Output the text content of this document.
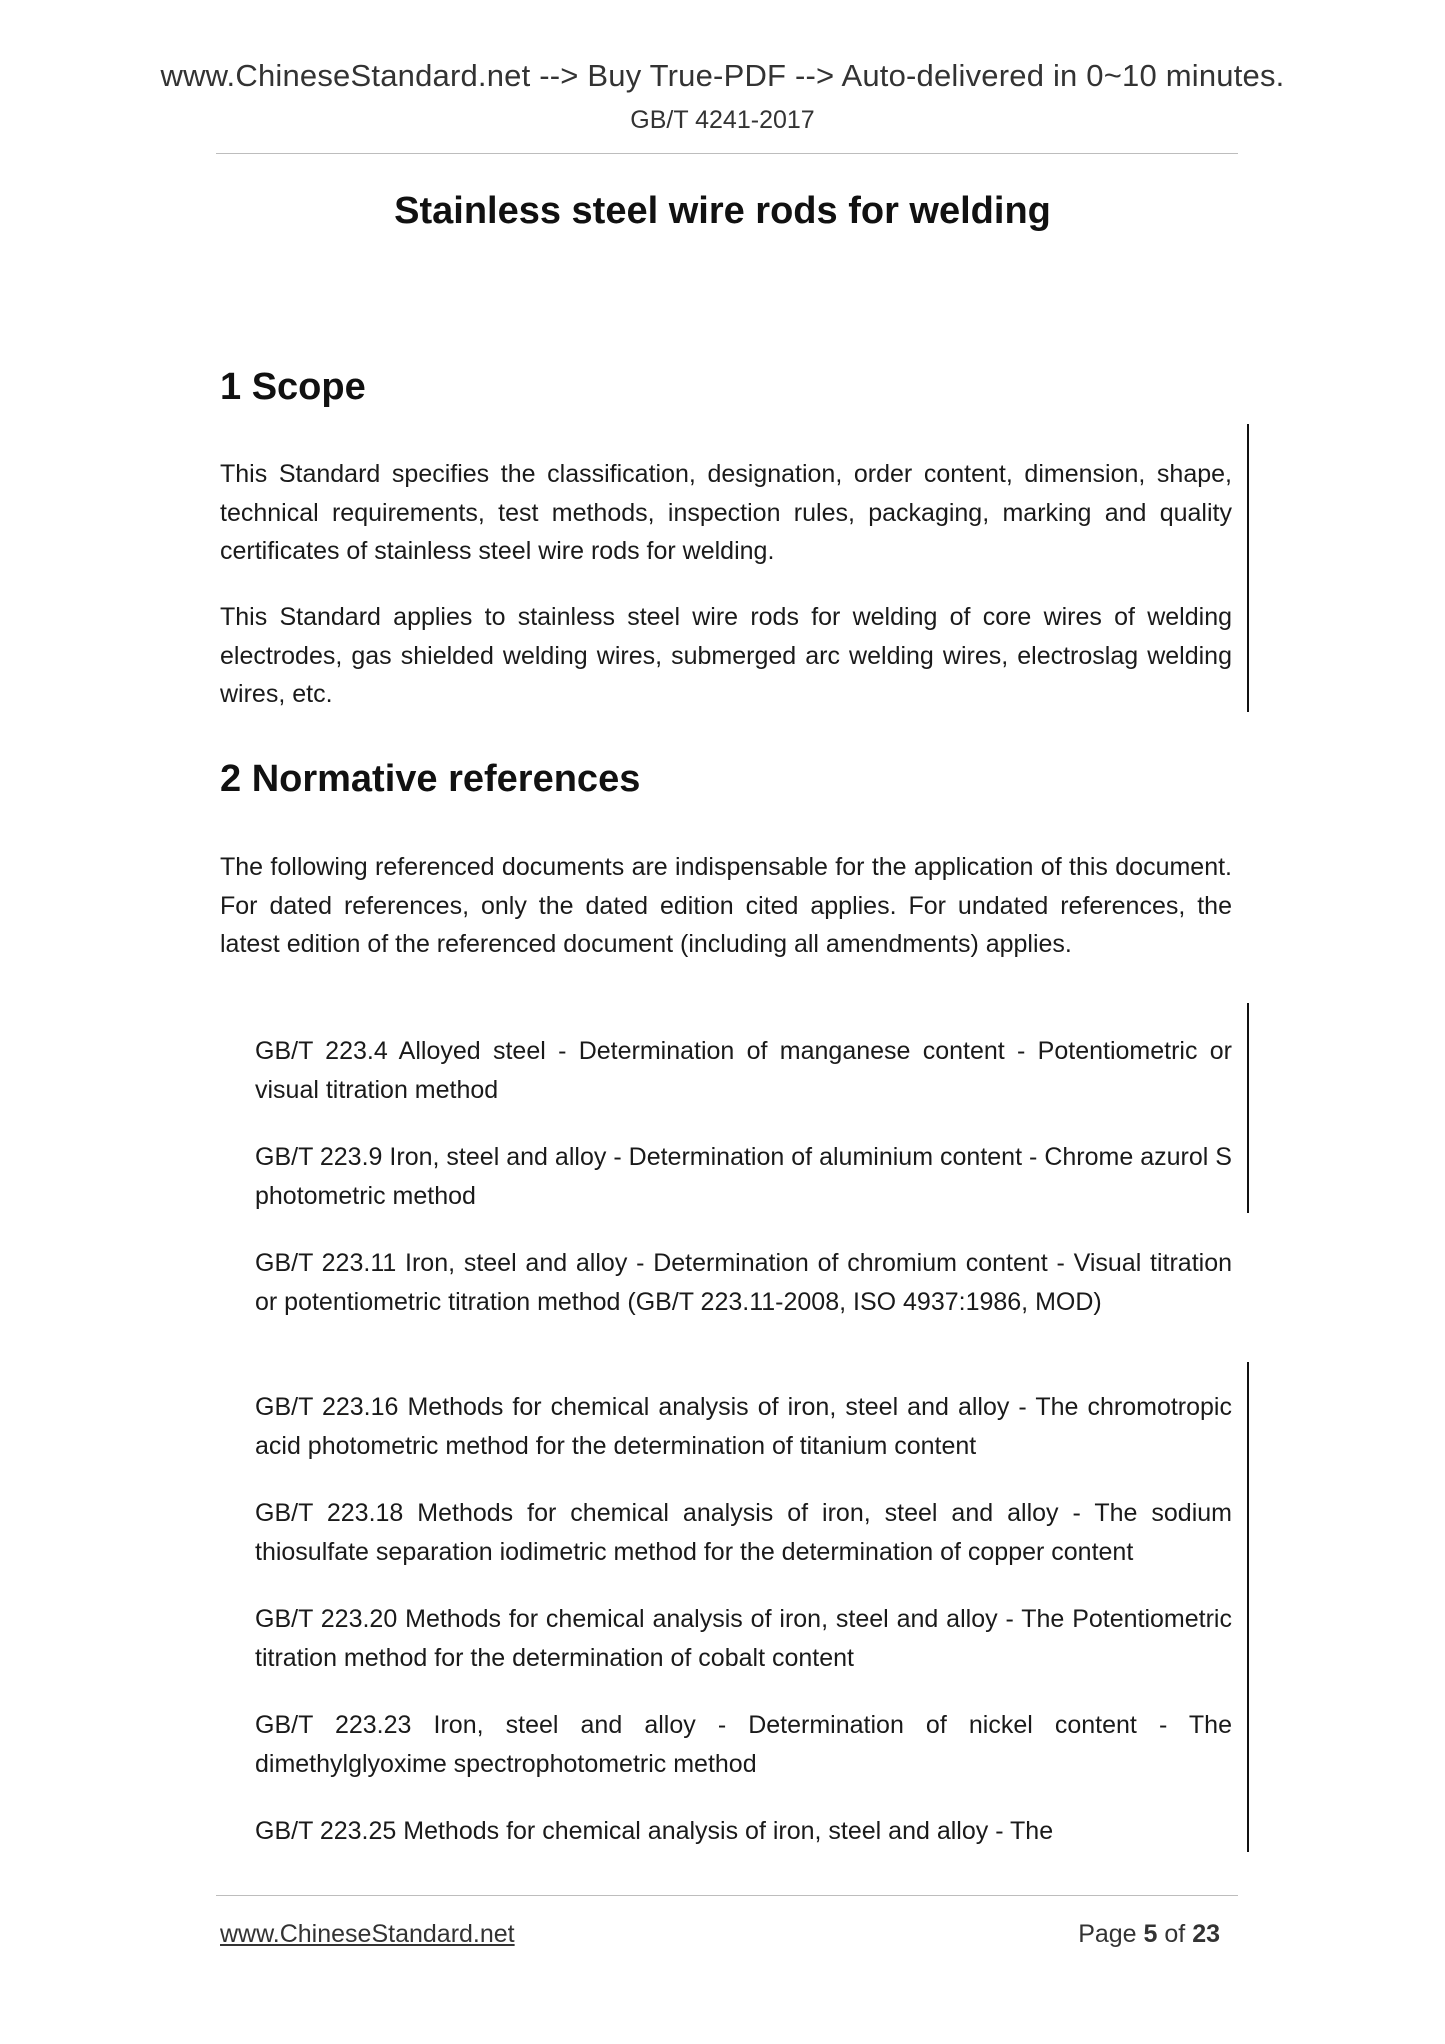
www.ChineseStandard.net --> Buy True-PDF --> Auto-delivered in 0~10 minutes.
GB/T 4241-2017
Stainless steel wire rods for welding
1 Scope
This Standard specifies the classification, designation, order content, dimension, shape, technical requirements, test methods, inspection rules, packaging, marking and quality certificates of stainless steel wire rods for welding.
This Standard applies to stainless steel wire rods for welding of core wires of welding electrodes, gas shielded welding wires, submerged arc welding wires, electroslag welding wires, etc.
2 Normative references
The following referenced documents are indispensable for the application of this document. For dated references, only the dated edition cited applies. For undated references, the latest edition of the referenced document (including all amendments) applies.
GB/T 223.4 Alloyed steel - Determination of manganese content - Potentiometric or visual titration method
GB/T 223.9 Iron, steel and alloy - Determination of aluminium content - Chrome azurol S photometric method
GB/T 223.11 Iron, steel and alloy - Determination of chromium content - Visual titration or potentiometric titration method (GB/T 223.11-2008, ISO 4937:1986, MOD)
GB/T 223.16 Methods for chemical analysis of iron, steel and alloy - The chromotropic acid photometric method for the determination of titanium content
GB/T 223.18 Methods for chemical analysis of iron, steel and alloy - The sodium thiosulfate separation iodimetric method for the determination of copper content
GB/T 223.20 Methods for chemical analysis of iron, steel and alloy - The Potentiometric titration method for the determination of cobalt content
GB/T 223.23 Iron, steel and alloy - Determination of nickel content - The dimethylglyoxime spectrophotometric method
GB/T 223.25 Methods for chemical analysis of iron, steel and alloy - The
www.ChineseStandard.net	Page 5 of 23
